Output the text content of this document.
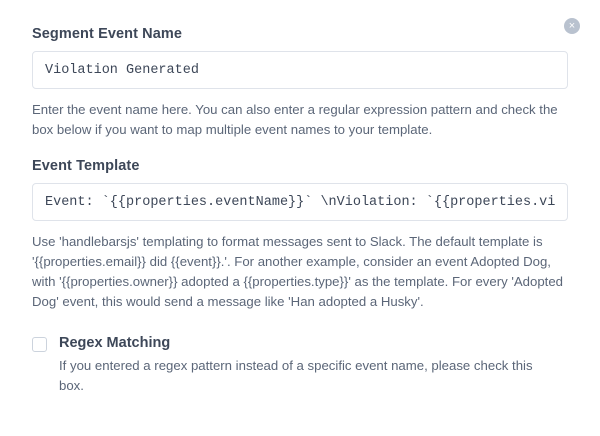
×
Segment Event Name
Violation Generated

Enter the event name here. You can also enter a regular expression pattern and check the box below if you want to map multiple event names to your template.

Event Template
Event: `{{properties.eventName}}` \nViolation: `{{properties.violatio

Use 'handlebarsjs' templating to format messages sent to Slack. The default template is '{{properties.email}} did {{event}}.'. For another example, consider an event Adopted Dog, with '{{properties.owner}} adopted a {{properties.type}}' as the template. For every 'Adopted Dog' event, this would send a message like 'Han adopted a Husky'.

Regex Matching
If you entered a regex pattern instead of a specific event name, please check this box.
